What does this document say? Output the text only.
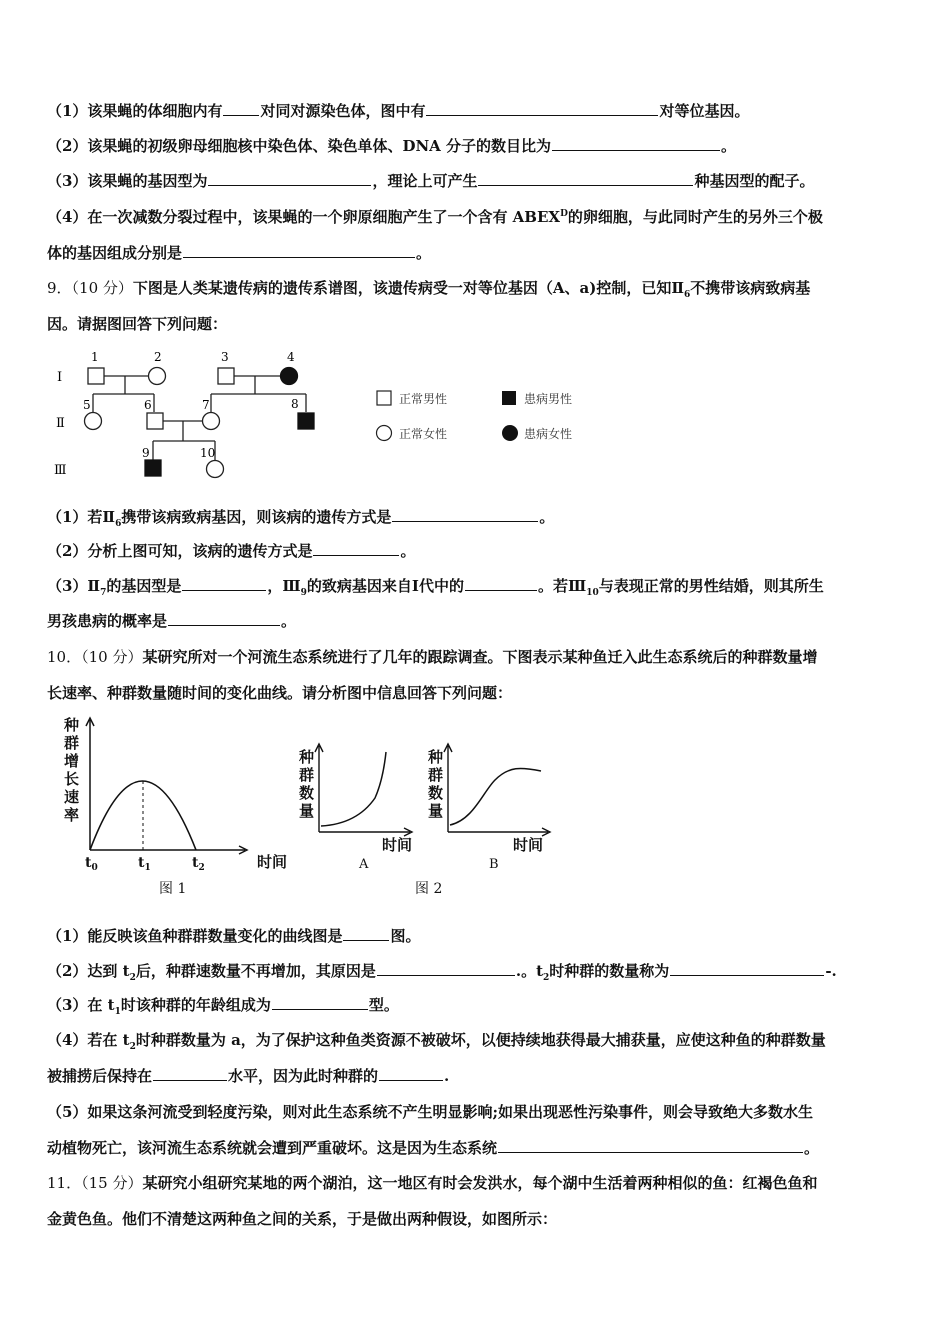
（1）该果蝇的体细胞内有	对同对源染色体，图中有	对等位基因。
（2）该果蝇的初级卵母细胞核中染色体、染色单体、DNA 分子的数目比为	。
（3）该果蝇的基因型为	，理论上可产生	种基因型的配子。
（4）在一次减数分裂过程中，该果蝇的一个卵原细胞产生了一个含有 $ABEX^D$的卵细胞，与此同时产生的另外三个极
体的基因组成分别是	。
9．（10 分）下图是人类某遗传病的遗传系谱图，该遗传病受一对等位基因（A、a)控制，已知$Ⅱ_6$不携带该病致病基
因。请据图回答下列问题：
Ⅰ
Ⅱ
Ⅲ
1	2	3	4
5	6	7	8
9	10
正常男性	患病男性
正常女性	患病女性
（1）若$Ⅱ_6$携带该病致病基因，则该病的遗传方式是	。
（2）分析上图可知，该病的遗传方式是	。
$(3)Ⅱ_7$的基因型是	，$Ⅲ_9$的致病基因来自Ⅰ代中的	。若$Ⅲ_{10}$与表现正常的男性结婚，则其所生
男孩患病的概率是	。
10．（10 分）某研究所对一个河流生态系统进行了几年的跟踪调查。下图表示某种鱼迁入此生态系统后的种群数量增
长速率、种群数量随时间的变化曲线。请分析图中信息回答下列问题：
种
群
增
长
速
率
$t_0$	$t_1$	$t_2$	时间
图 1
种
群
数
量
种
群
数
量
时间	时间
A	B
图 2
（1）能反映该鱼种群群数量变化的曲线图是	图。
（2）达到 $t_2$后，种群速数量不再增加，其原因是	.。$t_2$时种群的数量称为	-.
（3）在 $t_1$时该种群的年龄组成为	型。
（4）若在 $t_2$时种群数量为 a，为了保护这种鱼类资源不被破坏，以便持续地获得最大捕获量，应使这种鱼的种群数量
被捕捞后保持在	水平，因为此时种群的	.
（5）如果这条河流受到轻度污染，则对此生态系统不产生明显影响;如果出现恶性污染事件，则会导致绝大多数水生
动植物死亡，该河流生态系统就会遭到严重破坏。这是因为生态系统	。
11．（15 分）某研究小组研究某地的两个湖泊，这一地区有时会发洪水，每个湖中生活着两种相似的鱼：红褐色鱼和
金黄色鱼。他们不清楚这两种鱼之间的关系，于是做出两种假设，如图所示：
